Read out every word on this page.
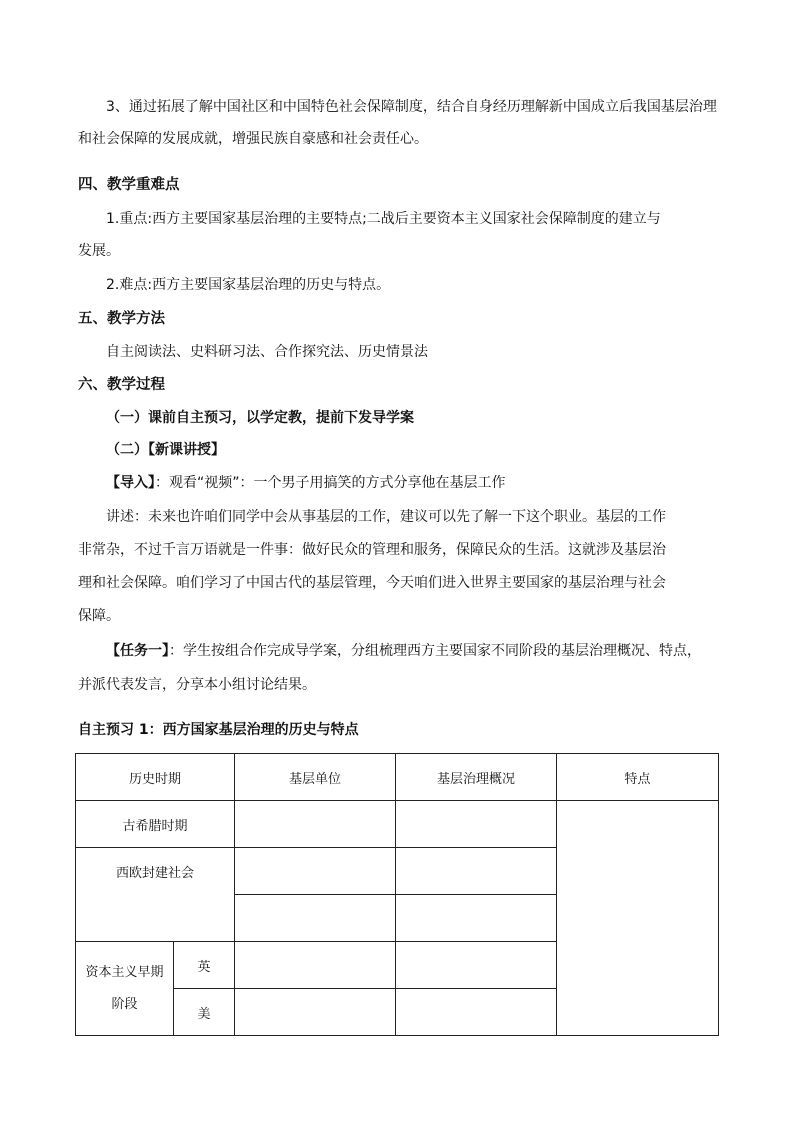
3、通过拓展了解中国社区和中国特色社会保障制度，结合自身经历理解新中国成立后我国基层治理
和社会保障的发展成就，增强民族自豪感和社会责任心。
四、教学重难点
1.重点:西方主要国家基层治理的主要特点;二战后主要资本主义国家社会保障制度的建立与
发展。
2.难点:西方主要国家基层治理的历史与特点。
五、教学方法
自主阅读法、史料研习法、合作探究法、历史情景法
六、教学过程
（一）课前自主预习，以学定教，提前下发导学案
（二）【新课讲授】
【导入】：观看“视频”：一个男子用搞笑的方式分享他在基层工作
讲述：未来也许咱们同学中会从事基层的工作，建议可以先了解一下这个职业。基层的工作
非常杂，不过千言万语就是一件事：做好民众的管理和服务，保障民众的生活。这就涉及基层治
理和社会保障。咱们学习了中国古代的基层管理，今天咱们进入世界主要国家的基层治理与社会
保障。
【任务一】：学生按组合作完成导学案，分组梳理西方主要国家不同阶段的基层治理概况、特点，
并派代表发言，分享本小组讨论结果。
自主预习 1：西方国家基层治理的历史与特点
历史时期		基层单位	基层治理概况	特点
古希腊时期				
西欧封建社会				

资本主义早期阶段	英			
	美			
